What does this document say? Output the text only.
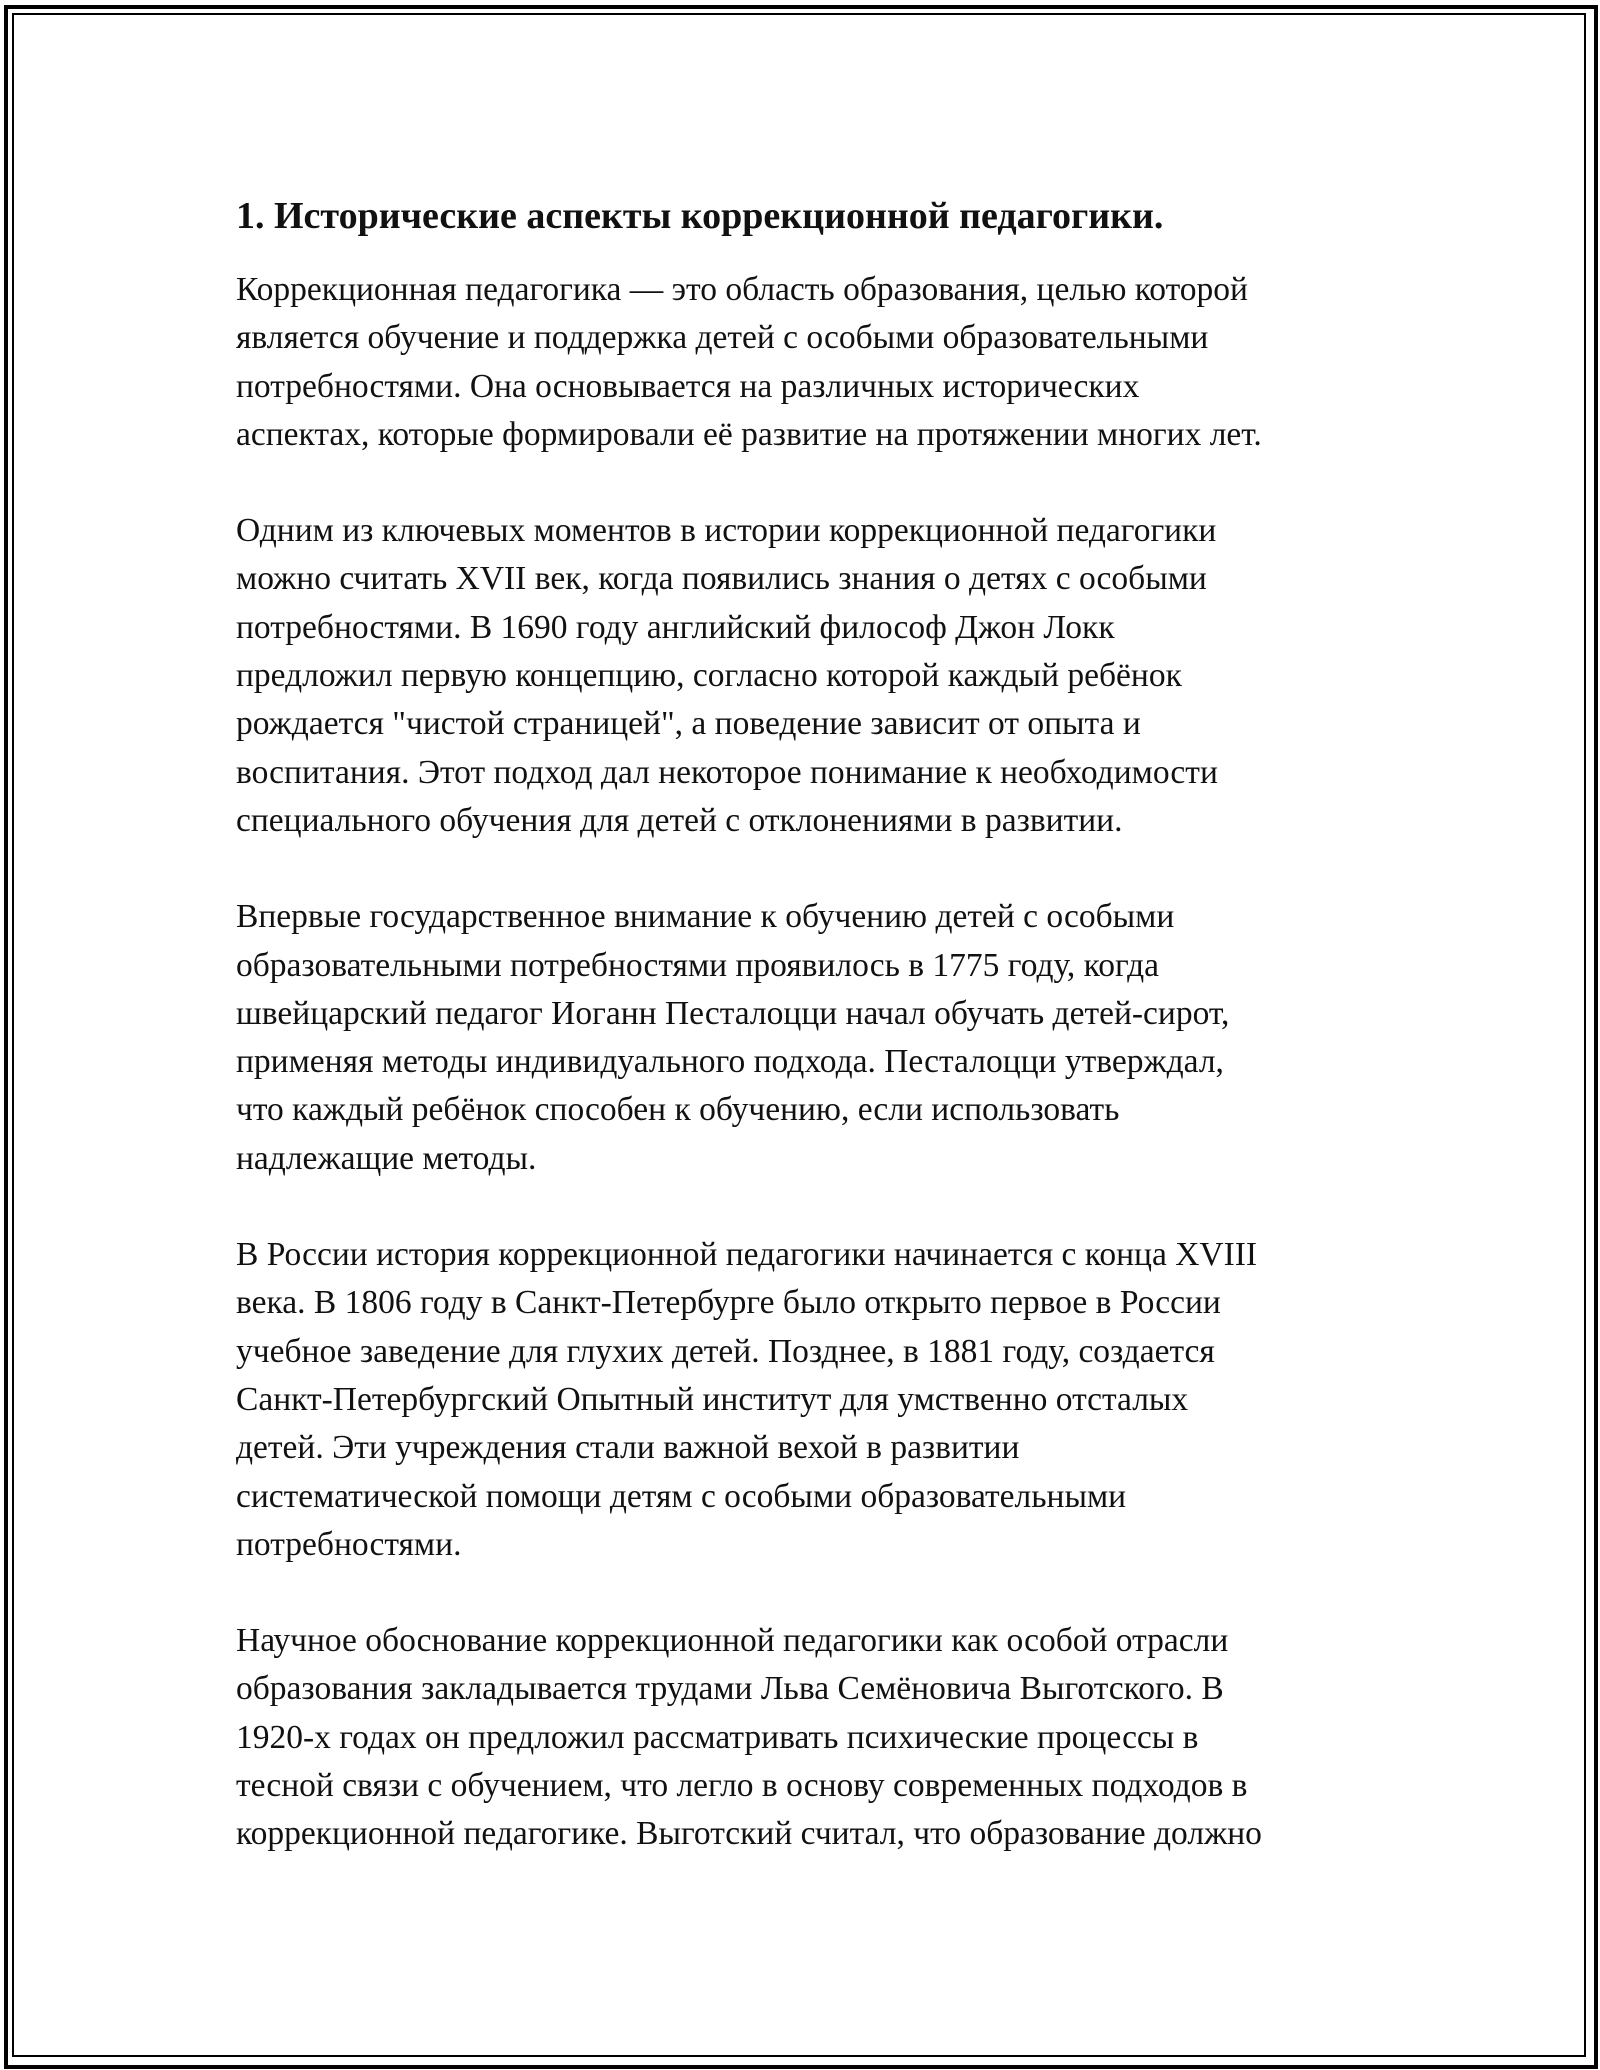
1. Исторические аспекты коррекционной педагогики.

Коррекционная педагогика — это область образования, целью которой
является обучение и поддержка детей с особыми образовательными
потребностями. Она основывается на различных исторических
аспектах, которые формировали её развитие на протяжении многих лет.

Одним из ключевых моментов в истории коррекционной педагогики
можно считать XVII век, когда появились знания о детях с особыми
потребностями. В 1690 году английский философ Джон Локк
предложил первую концепцию, согласно которой каждый ребёнок
рождается "чистой страницей", а поведение зависит от опыта и
воспитания. Этот подход дал некоторое понимание к необходимости
специального обучения для детей с отклонениями в развитии.

Впервые государственное внимание к обучению детей с особыми
образовательными потребностями проявилось в 1775 году, когда
швейцарский педагог Иоганн Песталоцци начал обучать детей-сирот,
применяя методы индивидуального подхода. Песталоцци утверждал,
что каждый ребёнок способен к обучению, если использовать
надлежащие методы.

В России история коррекционной педагогики начинается с конца XVIII
века. В 1806 году в Санкт-Петербурге было открыто первое в России
учебное заведение для глухих детей. Позднее, в 1881 году, создается
Санкт-Петербургский Опытный институт для умственно отсталых
детей. Эти учреждения стали важной вехой в развитии
систематической помощи детям с особыми образовательными
потребностями.

Научное обоснование коррекционной педагогики как особой отрасли
образования закладывается трудами Льва Семёновича Выготского. В
1920-х годах он предложил рассматривать психические процессы в
тесной связи с обучением, что легло в основу современных подходов в
коррекционной педагогике. Выготский считал, что образование должно
